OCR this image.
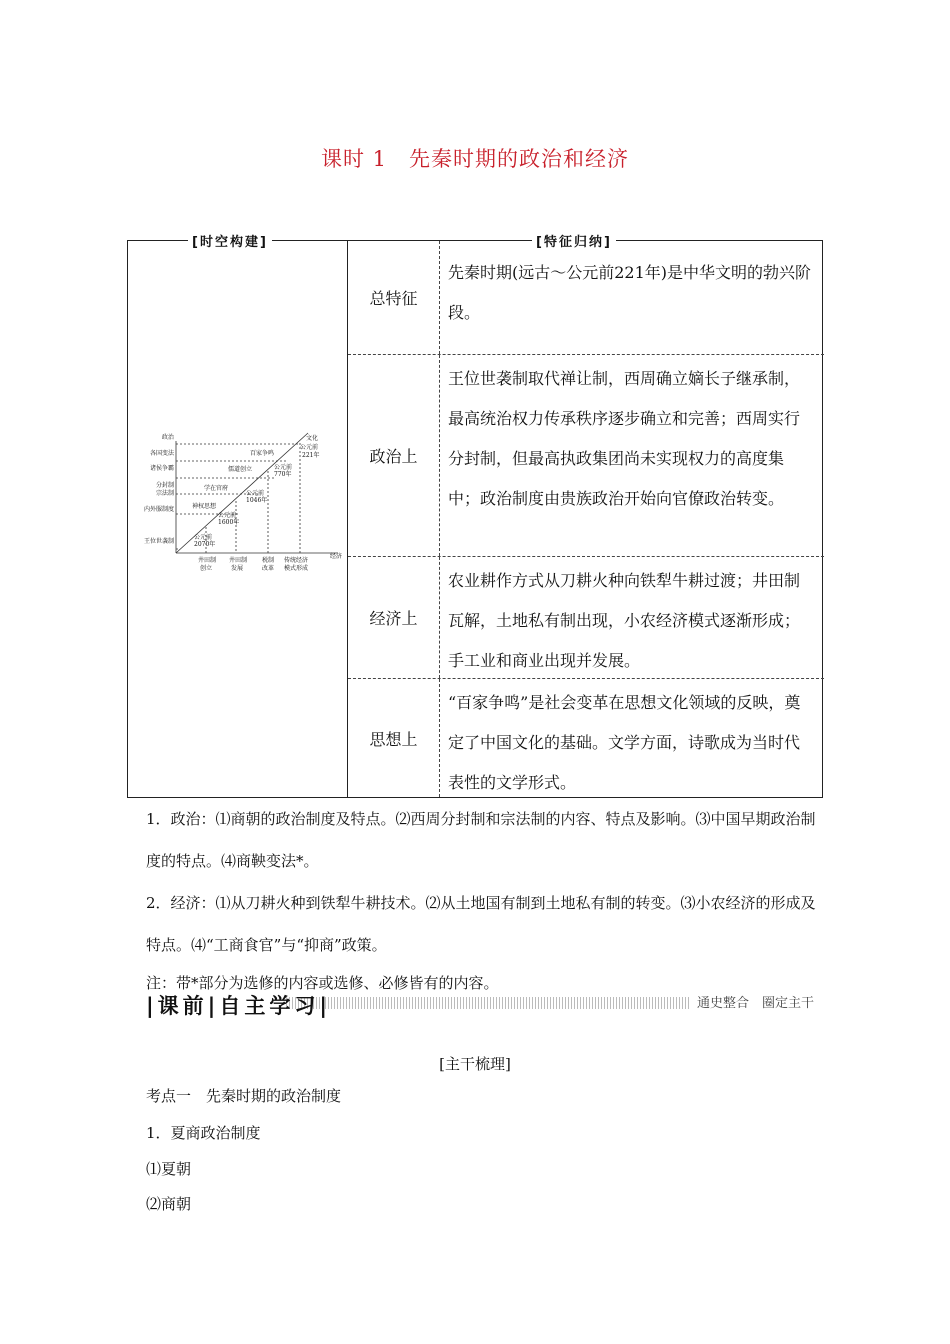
课时 1　先秦时期的政治和经济
文化
经济
政治
各国变法
诸侯争霸
分封制
宗法制
内外服制度
王位世袭制
百家争鸣
儒道创立
学在官府
神权思想
公元前
2070年
公元前
1600年
公元前
1046年
公元前
770年
公元前
221年
井田制
创立
井田制
发展
税制
改革
传统经济
模式形成
[时空构建]	[特征归纳]
总特征
先秦时期(远古～公元前221年)是中华文明的勃兴阶段。
政治上
王位世袭制取代禅让制，西周确立嫡长子继承制，最高统治权力传承秩序逐步确立和完善；西周实行分封制，但最高执政集团尚未实现权力的高度集中；政治制度由贵族政治开始向官僚政治转变。
经济上
农业耕作方式从刀耕火种向铁犁牛耕过渡；井田制瓦解，土地私有制出现，小农经济模式逐渐形成；手工业和商业出现并发展。
思想上
“百家争鸣”是社会变革在思想文化领域的反映，奠定了中国文化的基础。文学方面，诗歌成为当时代表性的文学形式。

1．政治：⑴商朝的政治制度及特点。⑵西周分封制和宗法制的内容、特点及影响。⑶中国早期政治制度的特点。⑷商鞅变法*。

2．经济：⑴从刀耕火种到铁犁牛耕技术。⑵从土地国有制到土地私有制的转变。⑶小农经济的形成及特点。⑷“工商食官”与“抑商”政策。

注：带*部分为选修的内容或选修、必修皆有的内容。

|课前|自主学习|	通史整合　圈定主干
[主干梳理]
考点一　先秦时期的政治制度
1．夏商政治制度
⑴夏朝
⑵商朝
